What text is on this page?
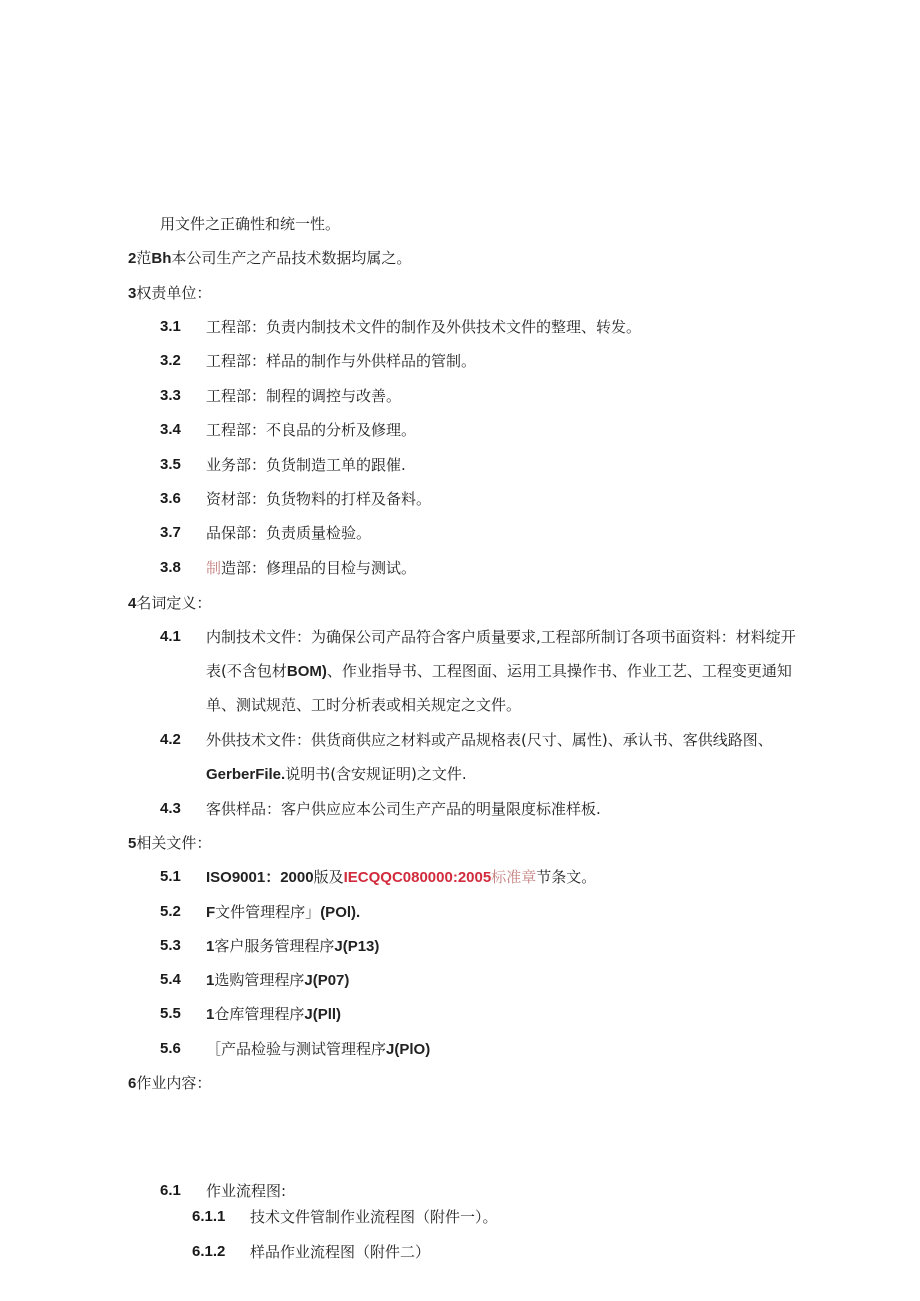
用文件之正确性和统一性。
2范Bh本公司生产之产品技术数据均属之。
3权责单位：
3.1 工程部：负责内制技术文件的制作及外供技术文件的整理、转发。
3.2 工程部：样品的制作与外供样品的管制。
3.3 工程部：制程的调控与改善。
3.4 工程部：不良品的分析及修理。
3.5 业务部：负货制造工单的跟催.
3.6 资材部：负货物料的打样及备料。
3.7 品保部：负责质量检验。
3.8 制造部：修理品的目检与测试。
4名词定义：
4.1 内制技术文件：为确保公司产品符合客户质量要求,工程部所制订各项书面资料：材料绽开
表(不含包材BOM)、作业指导书、工程图面、运用工具操作书、作业工艺、工程变更通知
单、测试规范、工时分析表或相关规定之文件。
4.2 外供技术文件：供货商供应之材料或产品规格表(尺寸、属性)、承认书、客供线路图、
GerberFile.说明书(含安规证明)之文件.
4.3 客供样品：客户供应应本公司生产产品的明量限度标准样板.
5相关文件：
5.1 ISO9001：2000版及IECQQC080000:2005标准章节条文。
5.2 F文件管理程序」(POl).
5.3 1客户服务管理程序J(P13)
5.4 1选购管理程序J(P07)
5.5 1仓库管理程序J(Pll)
5.6 ［产品检验与测试管理程序J(PlO)
6作业内容：
6.1 作业流程图:
6.1.1 技术文件管制作业流程图（附件一）。
6.1.2 样品作业流程图（附件二）
